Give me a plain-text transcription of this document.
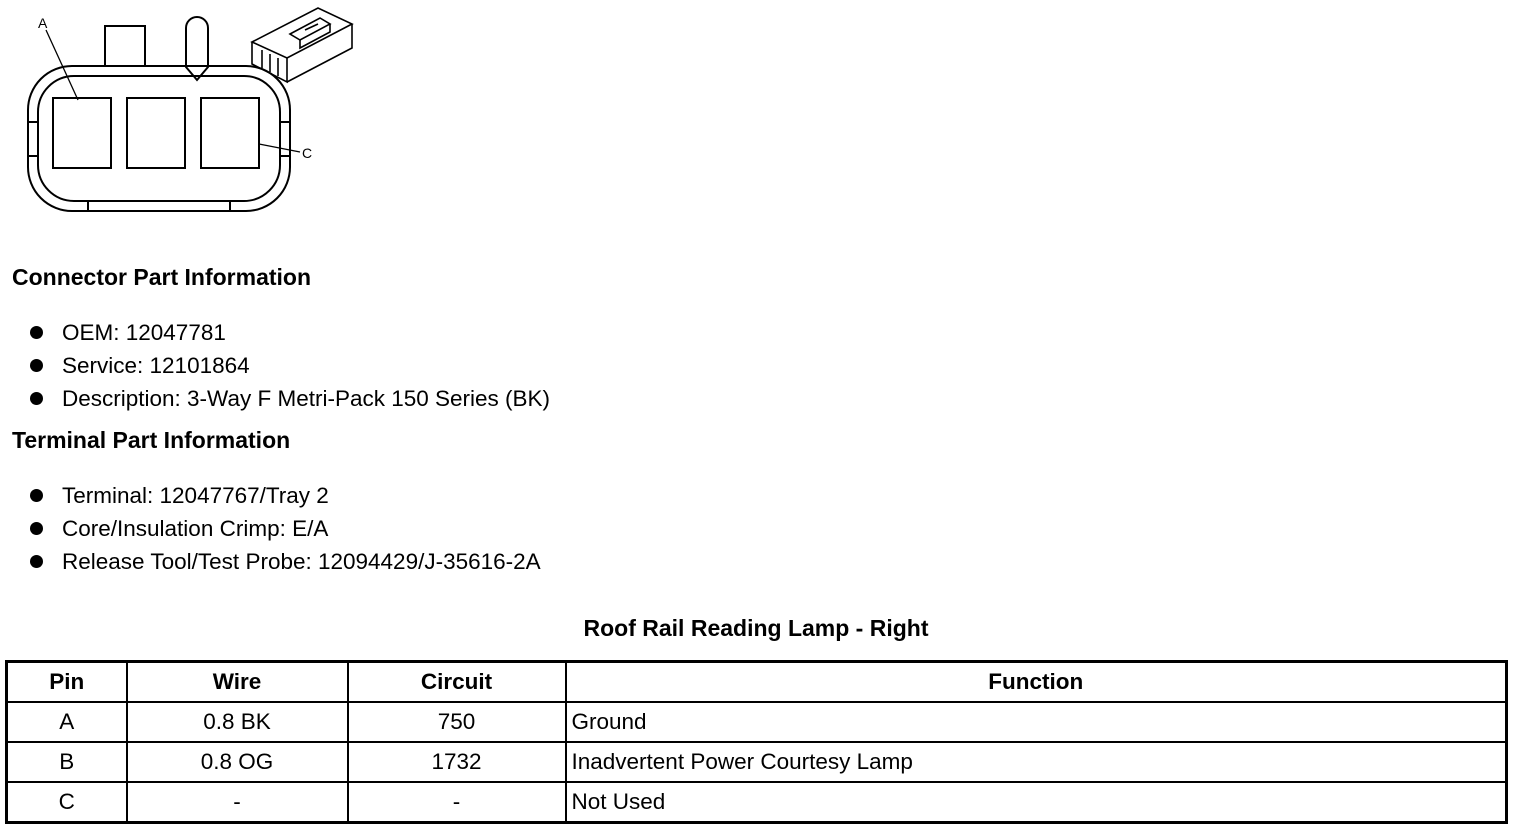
A
C
Connector Part Information
OEM: 12047781
Service: 12101864
Description: 3-Way F Metri-Pack 150 Series (BK)
Terminal Part Information
Terminal: 12047767/Tray 2
Core/Insulation Crimp: E/A
Release Tool/Test Probe: 12094429/J-35616-2A
Roof Rail Reading Lamp - Right
Pin	Wire	Circuit	Function
A	0.8 BK	750	Ground
B	0.8 OG	1732	Inadvertent Power Courtesy Lamp
C	-	-	Not Used
